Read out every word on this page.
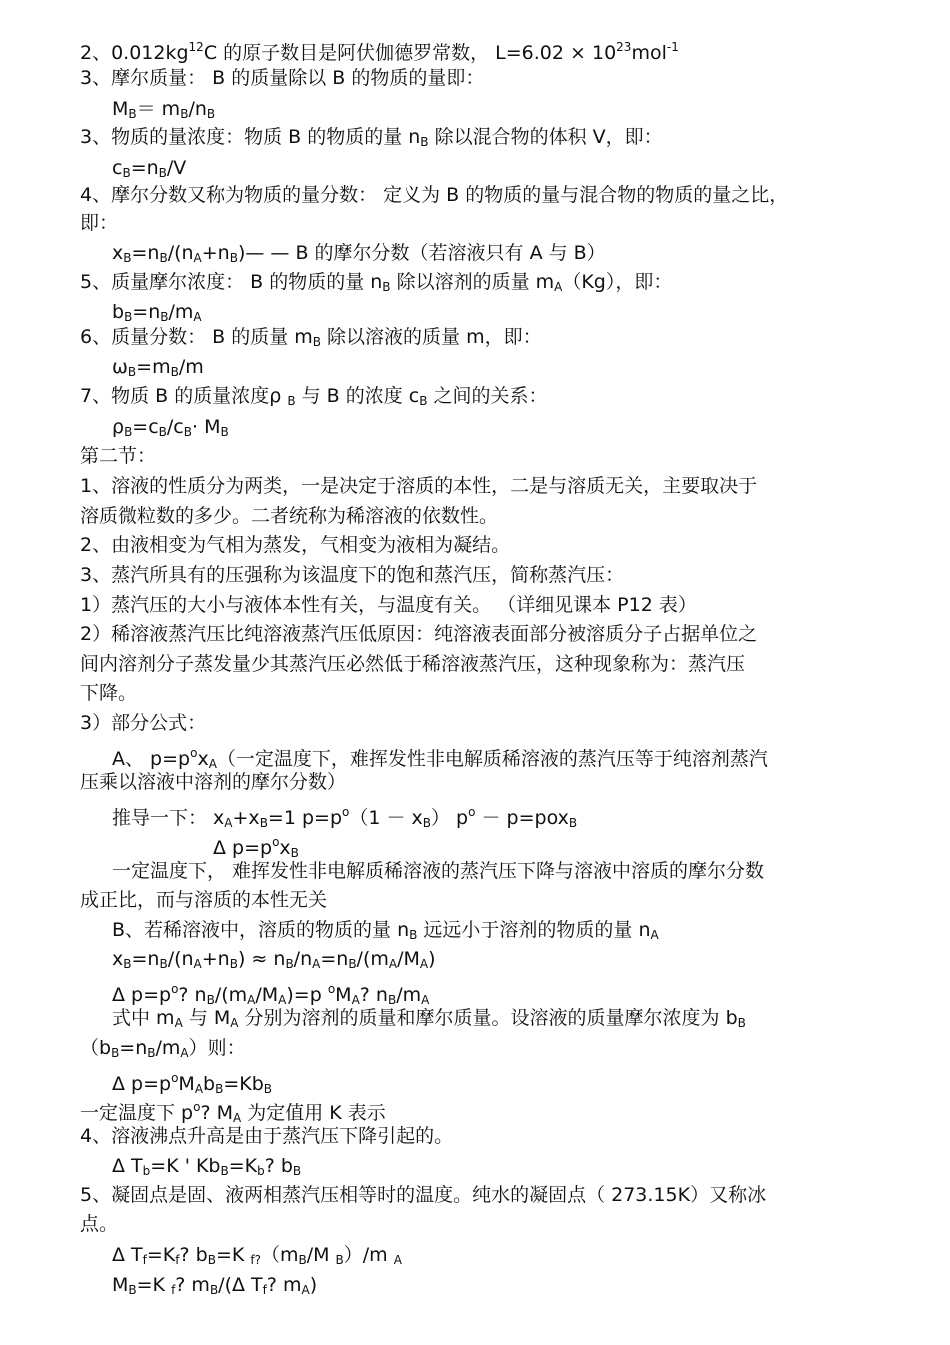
2、$0.012kg^{12}C$ 的原子数目是阿伏伽德罗常数， $L=6.02 \times 10^{23}mol^{-1}$
3、摩尔质量： B 的质量除以 B 的物质的量即：
MB＝ mB/nB
3、物质的量浓度：物质 B 的物质的量 nB 除以混合物的体积 V，即：
cB=nB/V
4、摩尔分数又称为物质的量分数： 定义为 B 的物质的量与混合物的物质的量之比，
即：
xB=nB/(nA+nB)— — B 的摩尔分数（若溶液只有 A 与 B）
5、质量摩尔浓度： B 的物质的量 nB 除以溶剂的质量 mA（Kg），即：
bB=nB/mA
6、质量分数： B 的质量 mB 除以溶液的质量 m，即：
ωB=mB/m
7、物质 B 的质量浓度ρ B 与 B 的浓度 cB 之间的关系：
ρB=cB/cB· MB
第二节：
1、溶液的性质分为两类，一是决定于溶质的本性，二是与溶质无关，主要取决于
溶质微粒数的多少。二者统称为稀溶液的依数性。
2、由液相变为气相为蒸发，气相变为液相为凝结。
3、蒸汽所具有的压强称为该温度下的饱和蒸汽压，简称蒸汽压：
1）蒸汽压的大小与液体本性有关，与温度有关。 （详细见课本 P12 表）
2）稀溶液蒸汽压比纯溶液蒸汽压低原因：纯溶液表面部分被溶质分子占据单位之
间内溶剂分子蒸发量少其蒸汽压必然低于稀溶液蒸汽压，这种现象称为：蒸汽压
下降。
3）部分公式：
A、 $p=p^oxA$（一定温度下，难挥发性非电解质稀溶液的蒸汽压等于纯溶剂蒸汽
压乘以溶液中溶剂的摩尔分数）
推导一下： xA+xB=1 $p=p^o(1 - xB) p^o$ － p=poxB
Δ $p=p^oxB$
一定温度下， 难挥发性非电解质稀溶液的蒸汽压下降与溶液中溶质的摩尔分数
成正比，而与溶质的本性无关
B、若稀溶液中，溶质的物质的量 nB 远远小于溶剂的物质的量 nA
xB=nB/(nA+nB) ≈ nB/nA=nB/(mA/MA)
Δ $p=p^o$? nB/(mA/MA)=p $^o$MA? nB/mA
式中 mA 与 MA 分别为溶剂的质量和摩尔质量。设溶液的质量摩尔浓度为 bB
（bB=nB/mA）则：
Δ $p=p^oMAbB=KbB$
一定温度下 $p^o$? MA 为定值用 K 表示
4、溶液沸点升高是由于蒸汽压下降引起的。
Δ Tb=K ' KbB=Kb? bB
5、凝固点是固、液两相蒸汽压相等时的温度。纯水的凝固点（ 273.15K）又称冰
点。
Δ Tf=Kf? bB=K f?（mB/M B）/m A
MB=K f? mB/(Δ Tf? mA)
